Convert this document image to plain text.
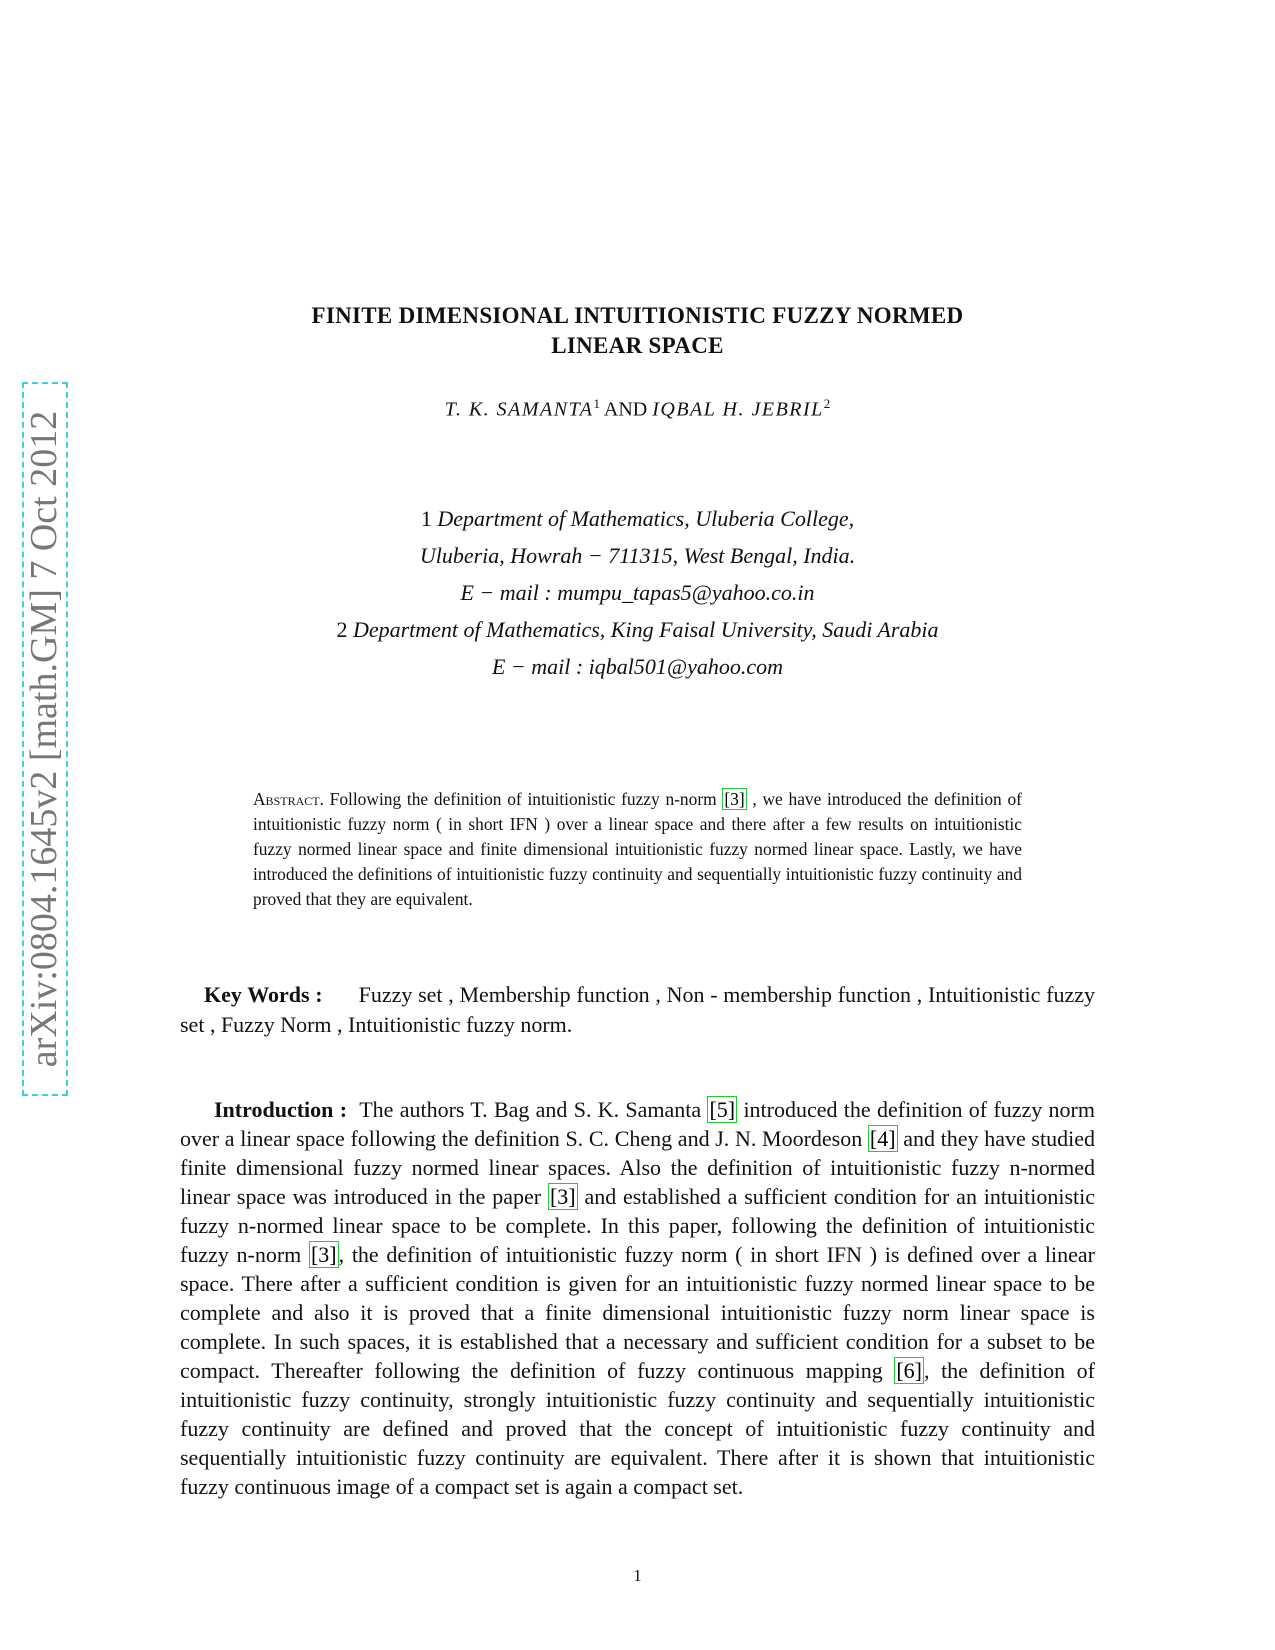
arXiv:0804.1645v2 [math.GM] 7 Oct 2012
FINITE DIMENSIONAL INTUITIONISTIC FUZZY NORMED
LINEAR SPACE
T. K. SAMANTA$^1$ AND IQBAL H. JEBRIL$^2$
1 Department of Mathematics, Uluberia College,
Uluberia, Howrah − 711315, West Bengal, India.
E − mail : mumpu_tapas5@yahoo.co.in
2 Department of Mathematics, King Faisal University, Saudi Arabia
E − mail : iqbal501@yahoo.com
Abstract. Following the definition of intuitionistic fuzzy n-norm [3] , we have introduced the definition of intuitionistic fuzzy norm ( in short IFN ) over a linear space and there after a few results on intuitionistic fuzzy normed linear space and finite dimensional intuitionistic fuzzy normed linear space. Lastly, we have introduced the definitions of intuitionistic fuzzy continuity and sequentially intuitionistic fuzzy continuity and proved that they are equivalent.
Key Words : Fuzzy set , Membership function , Non - membership function , Intuitionistic fuzzy set , Fuzzy Norm , Intuitionistic fuzzy norm.
Introduction : The authors T. Bag and S. K. Samanta [5] introduced the definition of fuzzy norm over a linear space following the definition S. C. Cheng and J. N. Moordeson [4] and they have studied finite dimensional fuzzy normed linear spaces. Also the definition of intuitionistic fuzzy n-normed linear space was introduced in the paper [3] and established a sufficient condition for an intuitionistic fuzzy n-normed linear space to be complete. In this paper, following the definition of intuitionistic fuzzy n-norm [3], the definition of intuitionistic fuzzy norm ( in short IFN ) is defined over a linear space. There after a sufficient condition is given for an intuitionistic fuzzy normed linear space to be complete and also it is proved that a finite dimensional intuitionistic fuzzy norm linear space is complete. In such spaces, it is established that a necessary and sufficient condition for a subset to be compact. Thereafter following the definition of fuzzy continuous mapping [6], the definition of intuitionistic fuzzy continuity, strongly intuitionistic fuzzy continuity and sequentially intuitionistic fuzzy continuity are defined and proved that the concept of intuitionistic fuzzy continuity and sequentially intuitionistic fuzzy continuity are equivalent. There after it is shown that intuitionistic fuzzy continuous image of a compact set is again a compact set.
1
